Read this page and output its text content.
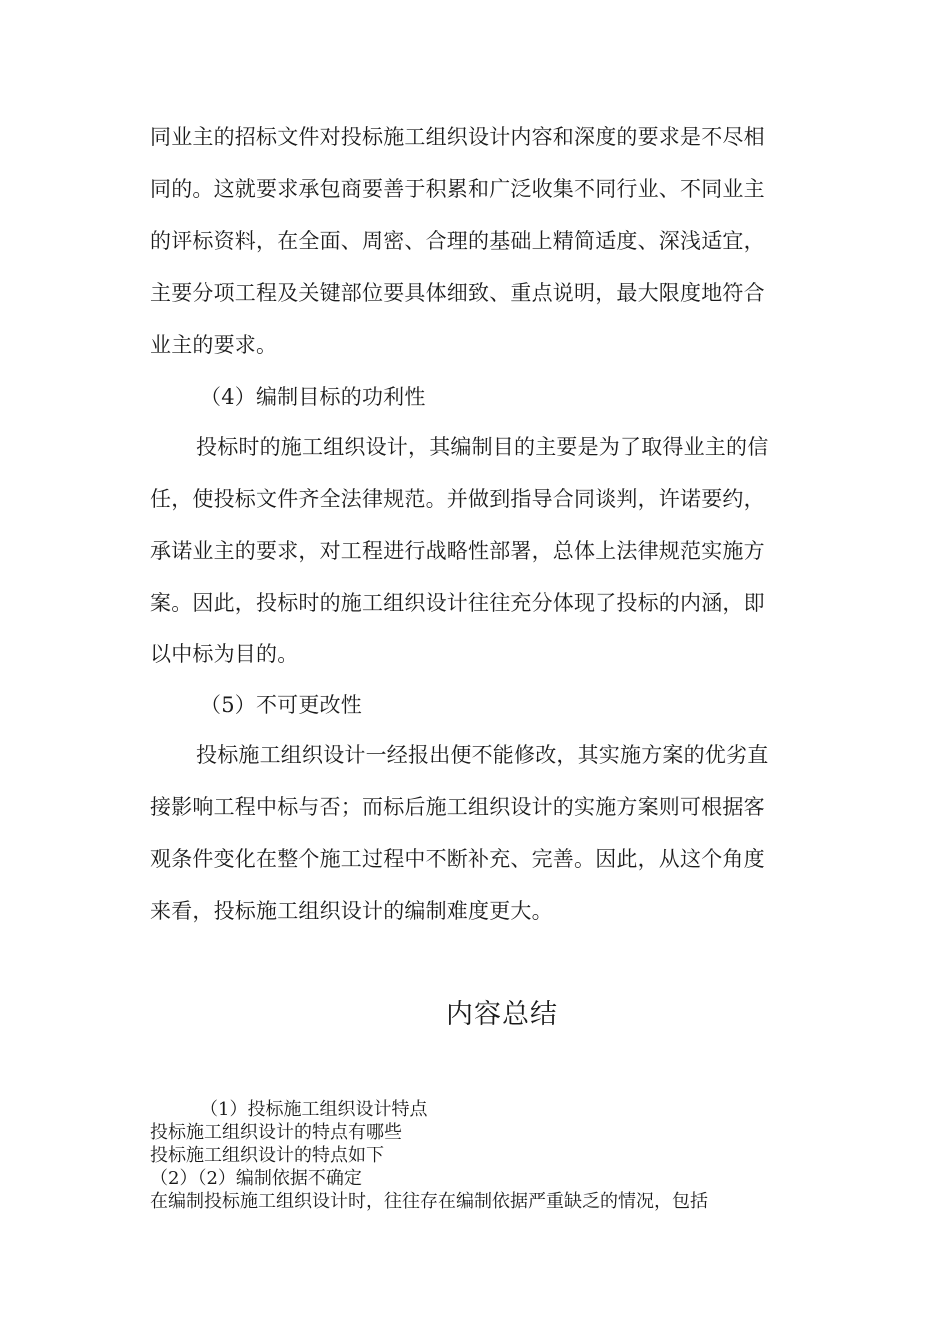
同业主的招标文件对投标施工组织设计内容和深度的要求是不尽相
同的。这就要求承包商要善于积累和广泛收集不同行业、不同业主
的评标资料，在全面、周密、合理的基础上精简适度、深浅适宜，
主要分项工程及关键部位要具体细致、重点说明，最大限度地符合
业主的要求。
（4）编制目标的功利性
投标时的施工组织设计，其编制目的主要是为了取得业主的信
任，使投标文件齐全法律规范。并做到指导合同谈判，许诺要约，
承诺业主的要求，对工程进行战略性部署，总体上法律规范实施方
案。因此，投标时的施工组织设计往往充分体现了投标的内涵，即
以中标为目的。
（5）不可更改性
投标施工组织设计一经报出便不能修改，其实施方案的优劣直
接影响工程中标与否；而标后施工组织设计的实施方案则可根据客
观条件变化在整个施工过程中不断补充、完善。因此，从这个角度
来看，投标施工组织设计的编制难度更大。
内容总结
（1）投标施工组织设计特点
投标施工组织设计的特点有哪些
投标施工组织设计的特点如下
（2）（2）编制依据不确定
在编制投标施工组织设计时，往往存在编制依据严重缺乏的情况，包括
